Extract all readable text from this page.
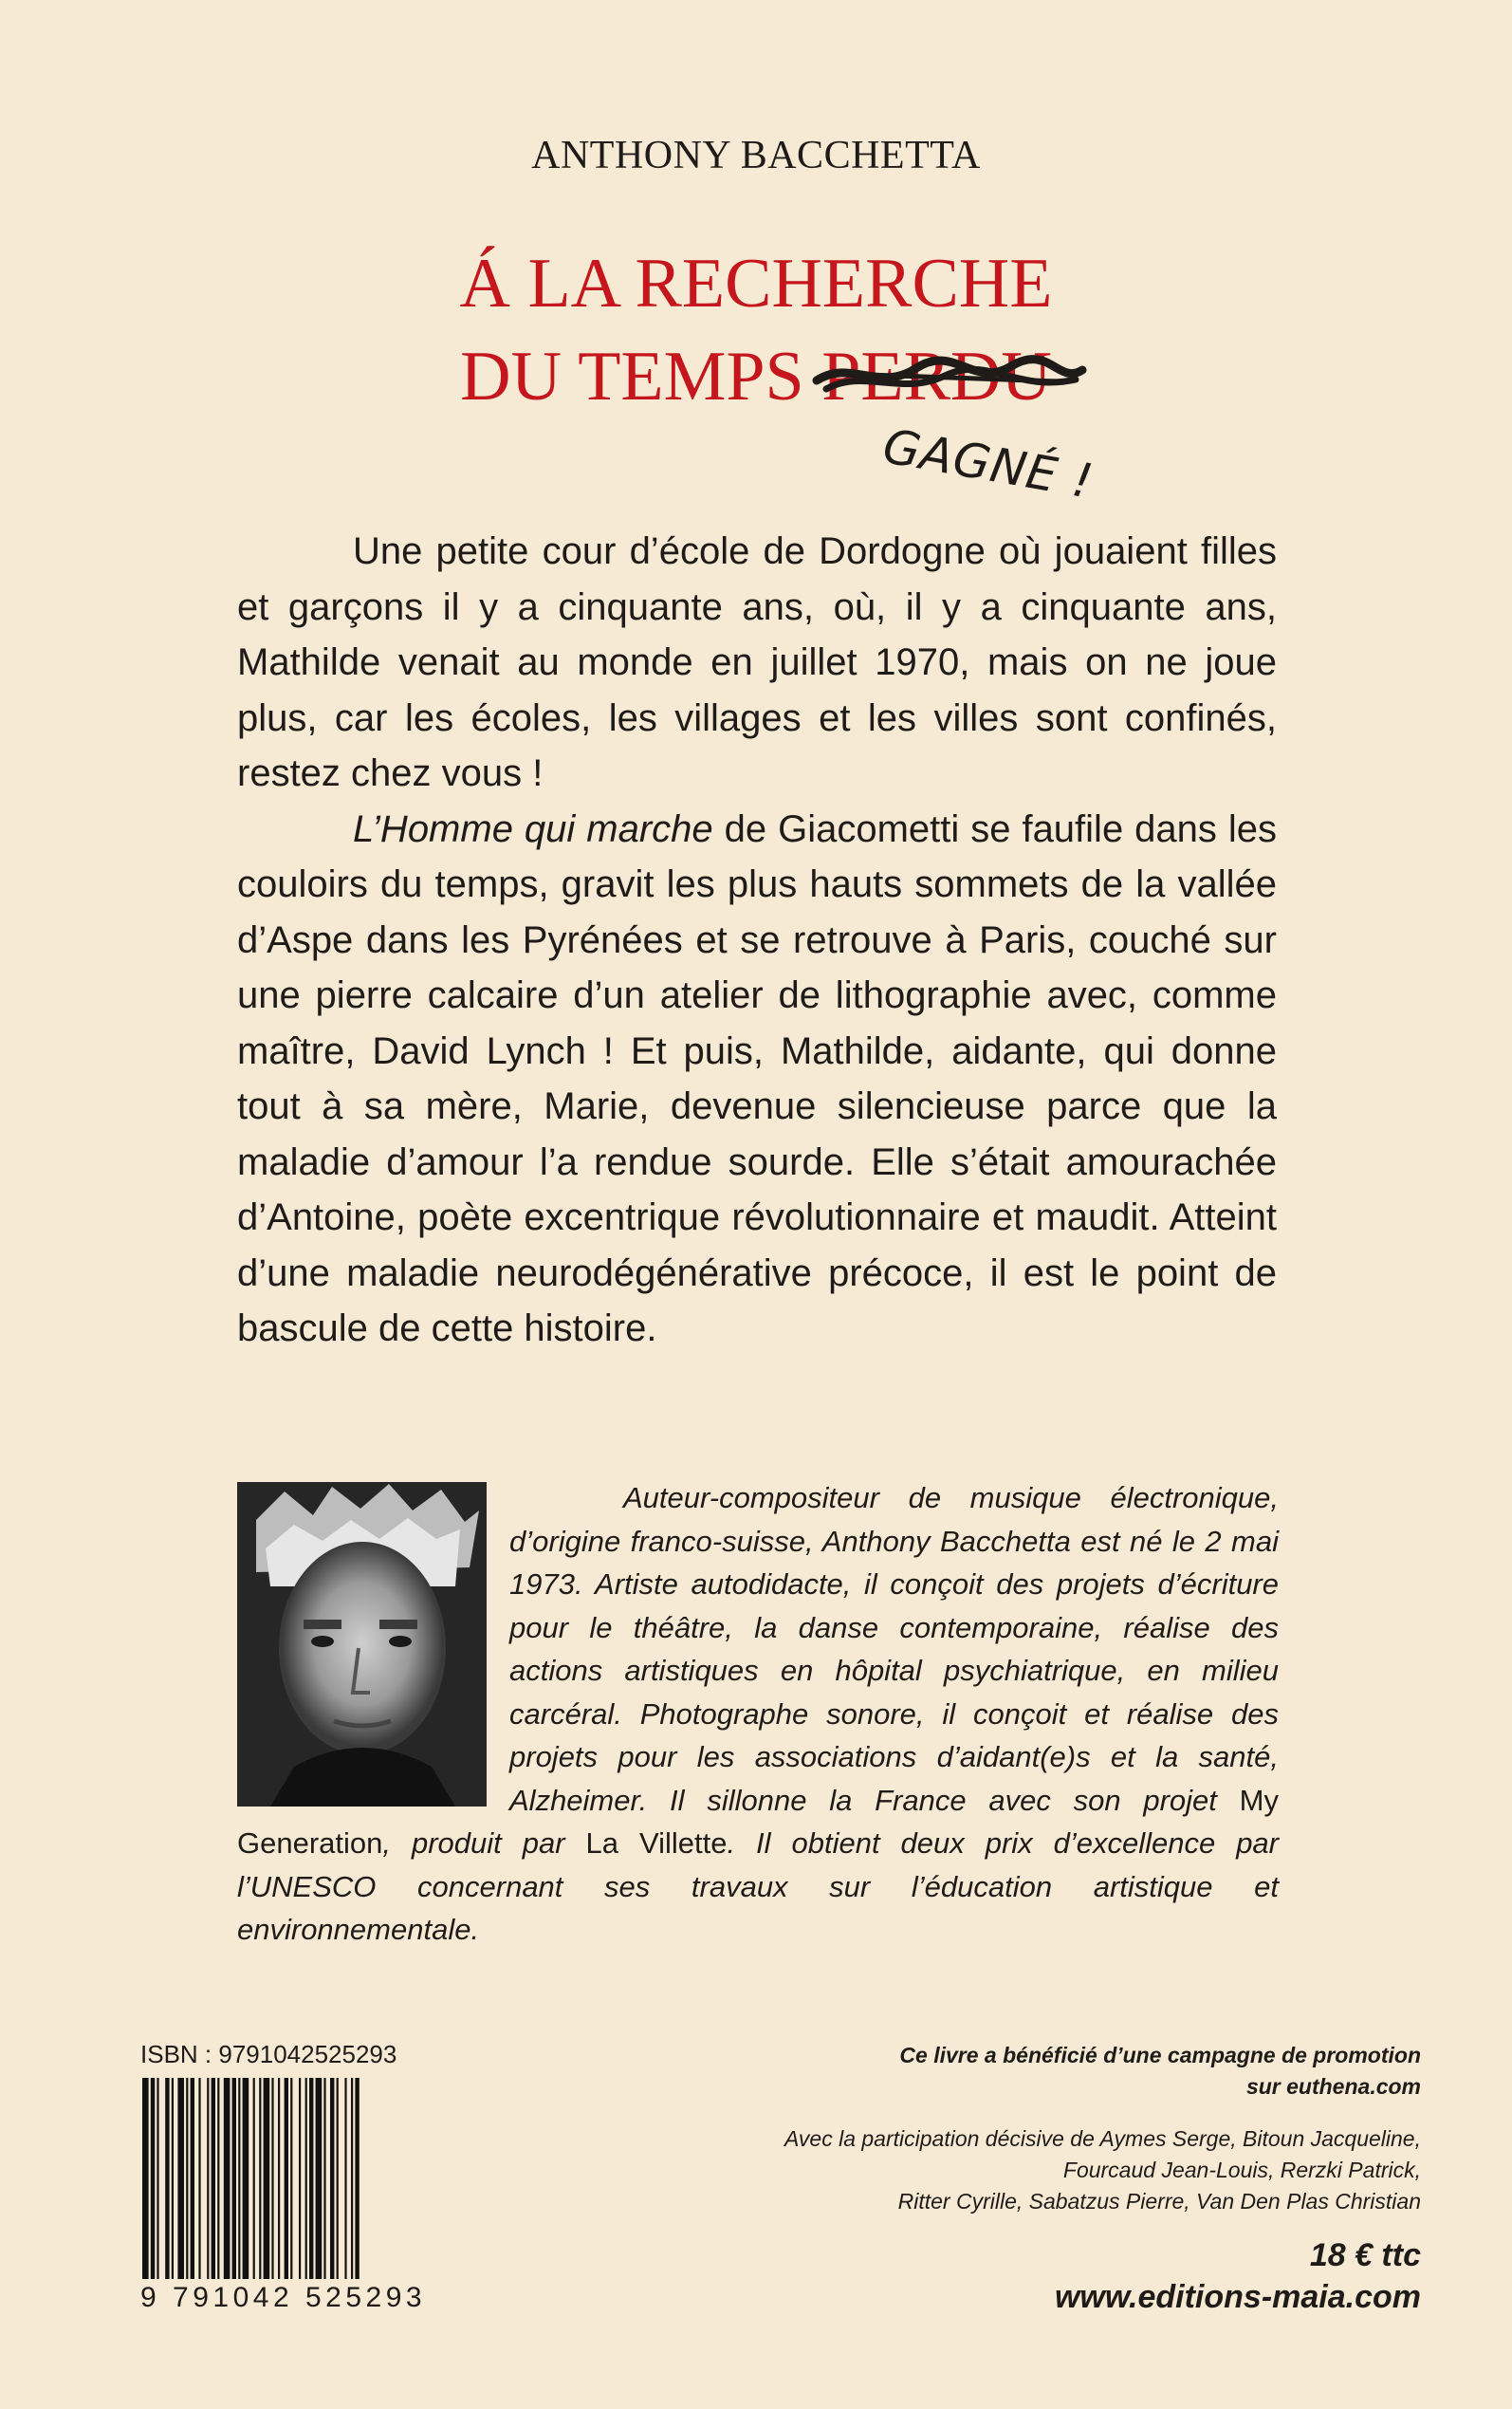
ANTHONY BACCHETTA
Á LA RECHERCHE
DU TEMPS PERDU
GAGNÉ !

Une petite cour d’école de Dordogne où jouaient filles et garçons il y a cinquante ans, où, il y a cinquante ans, Mathilde venait au monde en juillet 1970, mais on ne joue plus, car les écoles, les villages et les villes sont confinés, restez chez vous !

L’Homme qui marche de Giacometti se faufile dans les couloirs du temps, gravit les plus hauts sommets de la vallée d’Aspe dans les Pyrénées et se retrouve à Paris, couché sur une pierre calcaire d’un atelier de lithographie avec, comme maître, David Lynch ! Et puis, Mathilde, aidante, qui donne tout à sa mère, Marie, devenue silencieuse parce que la maladie d’amour l’a rendue sourde. Elle s’était amourachée d’Antoine, poète excentrique révolutionnaire et maudit. Atteint d’une maladie neurodégénérative précoce, il est le point de bascule de cette histoire.

Auteur-compositeur de musique électronique, d’origine franco-suisse, Anthony Bacchetta est né le 2 mai 1973. Artiste autodidacte, il conçoit des projets d’écriture pour le théâtre, la danse contemporaine, réalise des actions artistiques en hôpital psychiatrique, en milieu carcéral. Photographe sonore, il conçoit et réalise des projets pour les associations d’aidant(e)s et la santé, Alzheimer. Il sillonne la France avec son projet My Generation, produit par La Villette. Il obtient deux prix d’excellence par l’UNESCO concernant ses travaux sur l’éducation artistique et environnementale.

ISBN : 9791042525293
9 791042 525293
Ce livre a bénéficié d’une campagne de promotion
sur euthena.com
Avec la participation décisive de Aymes Serge, Bitoun Jacqueline,
Fourcaud Jean-Louis, Rerzki Patrick,
Ritter Cyrille, Sabatzus Pierre, Van Den Plas Christian
18 € ttc
www.editions-maia.com
